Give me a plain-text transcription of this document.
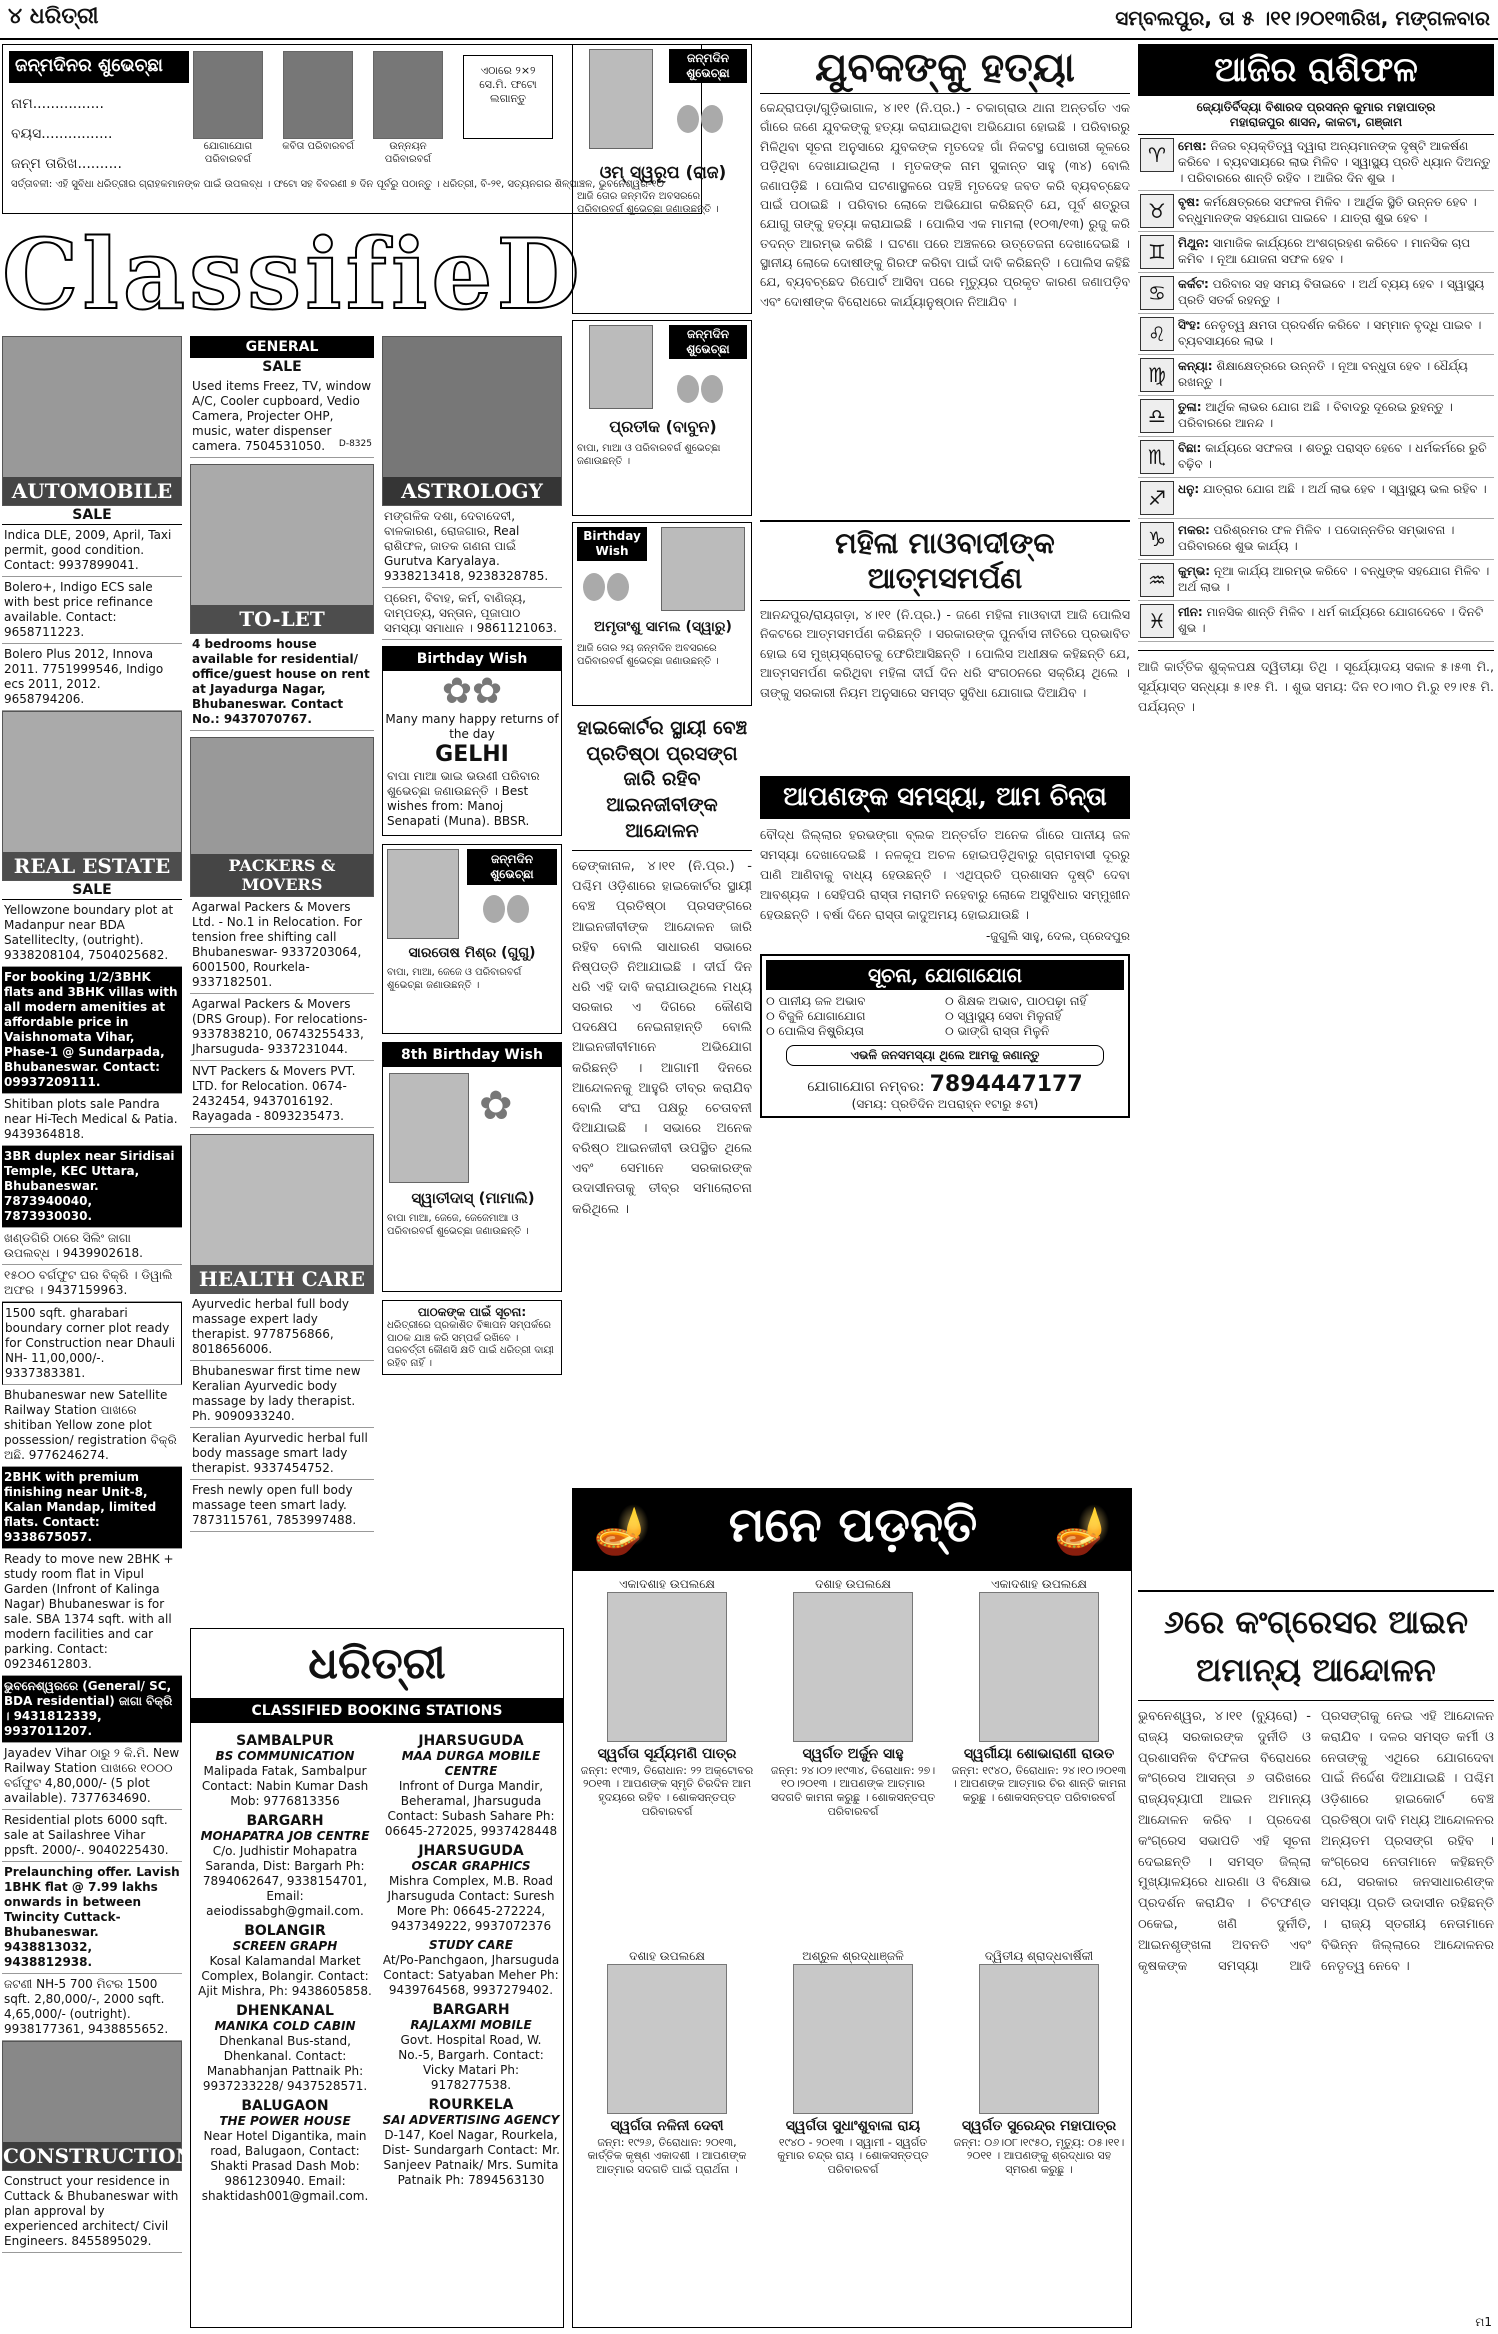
୪ ଧରିତ୍ରୀ	ସମ୍ବଲପୁର, ତା ୫ ।୧୧।୨୦୧୩ରିଖ, ମଙ୍ଗଳବାର
ଜନ୍ମଦିନର ଶୁଭେଚ୍ଛା
ନାମ................
ବୟସ................
ଜନ୍ମ ତାରିଖ..........
ଯୋଗାଯୋଗ ପରିବାରବର୍ଗ
କବିତା ପରିବାରବର୍ଗ	ଉନ୍ନୟନ ପରିବାରବର୍ଗ
ଏଠାରେ ୨×୨ ସେ.ମି. ଫଟୋ ଲଗାନ୍ତୁ
ସର୍ତ୍ତାବଳୀ: ଏହି ସୁବିଧା ଧରିତ୍ରୀର ଗ୍ରାହକମାନଙ୍କ ପାଇଁ ଉପଲବ୍ଧ । ଫଟୋ ସହ ବିବରଣୀ ୭ ଦିନ ପୂର୍ବରୁ ପଠାନ୍ତୁ । ଧରିତ୍ରୀ, ବି-୨୧, ସତ୍ୟନଗର ଶିଳ୍ପାଞ୍ଚଳ, ଭୁବନେଶ୍ୱର-୧୦
ClassifieD
AUTOMOBILE
SALE
Indica DLE, 2009, April, Taxi permit, good condition. Contact: 9937899041.
Bolero+, Indigo ECS sale with best price refinance available. Contact: 9658711223.
Bolero Plus 2012, Innova 2011. 7751999546, Indigo ecs 2011, 2012. 9658794206.
REAL ESTATE
SALE
Yellowzone boundary plot at Madanpur near BDA Satelliteclty, (outright). 9338208104, 7504025682.
For booking 1/2/3BHK flats and 3BHK villas with all modern amenities at affordable price in Vaishnomata Vihar, Phase-1 @ Sundarpada, Bhubaneswar. Contact: 09937209111.
Shitiban plots sale Pandra near Hi-Tech Medical & Patia. 9439364818.
3BR duplex near Siridisai Temple, KEC Uttara, Bhubaneswar. 7873940040, 7873930030.
ଖଣ୍ଡଗିରି ଠାରେ ସିଲିଂ ଜାଗା ଉପଲବ୍ଧ । 9439902618.
୧୫୦୦ ବର୍ଗଫୁଟ ଘର ବିକ୍ରି । ଡିୱାଲି ଅଫର । 9437159963.
1500 sqft. gharabari boundary corner plot ready for Construction near Dhauli NH- 11,00,000/-. 9337383381.
Bhubaneswar new Satellite Railway Station ପାଖରେ shitiban Yellow zone plot possession/ registration ବିକ୍ରି ଅଛି. 9776246274.
2BHK with premium finishing near Unit-8, Kalan Mandap, limited flats. Contact: 9338675057.
Ready to move new 2BHK + study room flat in Vipul Garden (Infront of Kalinga Nagar) Bhubaneswar is for sale. SBA 1374 sqft. with all modern facilities and car parking. Contact: 09234612803.
ଭୁବନେଶ୍ୱରରେ (General/ SC, BDA residential) ଜାଗା ବିକ୍ରି । 9431812339, 9937011207.
Jayadev Vihar ଠାରୁ ୨ କି.ମି. New Railway Station ପାଖରେ ୧୦୦୦ ବର୍ଗଫୁଟ 4,80,000/- (5 plot available). 7377634690.
Residential plots 6000 sqft. sale at Sailashree Vihar ppsft. 2000/-. 9040225430.
Prelaunching offer. Lavish 1BHK flat @ 7.99 lakhs onwards in between Twincity Cuttack- Bhubaneswar. 9438813032, 9438812938.
ଜଟଣୀ NH-5 700 ମିଟର 1500 sqft. 2,80,000/-, 2000 sqft. 4,65,000/- (outright). 9938177361, 9438855652.
CONSTRUCTION
Construct your residence in Cuttack & Bhubaneswar with plan approval by experienced architect/ Civil Engineers. 8455895029.
GENERAL
SALE
Used items Freez, TV, window A/C, Cooler cupboard, Vedio Camera, Projecter OHP, music, water dispenser camera. 7504531050. D-8325
TO-LET
4 bedrooms house available for residential/ office/guest house on rent at Jayadurga Nagar, Bhubaneswar. Contact No.: 9437070767.
PACKERS & MOVERS
Agarwal Packers & Movers Ltd. - No.1 in Relocation. For tension free shifting call Bhubaneswar- 9337203064, 6001500, Rourkela- 9337182501.
Agarwal Packers & Movers (DRS Group). For relocations- 9337838210, 06743255433, Jharsuguda- 9337231044.
NVT Packers & Movers PVT. LTD. for Relocation. 0674-2432454, 9437016192. Rayagada - 8093235473.
HEALTH CARE
Ayurvedic herbal full body massage expert lady therapist. 9778756866, 8018656006.
Bhubaneswar first time new Keralian Ayurvedic body massage by lady therapist. Ph. 9090933240.
Keralian Ayurvedic herbal full body massage smart lady therapist. 9337454752.
Fresh newly open full body massage teen smart lady. 7873115761, 7853997488.
ASTROLOGY
ମଙ୍ଗଳିକ ଦଶା, ଦେବାଦେବୀ, ବାଳକାରଣ, ରୋଜଗାର, Real ରାଶିଫଳ, ଜାତକ ଗଣନା ପାଇଁ Gurutva Karyalaya. 9338213418, 9238328785.
ପ୍ରେମ, ବିବାହ, କର୍ମ, ବାଣିଜ୍ୟ, ଦାମ୍ପତ୍ୟ, ସନ୍ତାନ, ପୂଜାପାଠ ସମସ୍ୟା ସମାଧାନ । 9861121063.
Birthday Wish
✿✿
Many many happy returns of the day
GELHI
ବାପା ମାଆ ଭାଇ ଭଉଣୀ ପରିବାର ଶୁଭେଚ୍ଛା ଜଣାଉଛନ୍ତି । Best wishes from: Manoj Senapati (Muna). BBSR.
ଜନ୍ମଦିନ ଶୁଭେଚ୍ଛା
ସାରତୋଷ ମିଶ୍ର (ଗୁଗୁ)
ବାପା, ମାଆ, ଜେଜେ ଓ ପରିବାରବର୍ଗ ଶୁଭେଚ୍ଛା ଜଣାଉଛନ୍ତି ।
8th Birthday Wish
✿
ସ୍ୱାତୀଦାସ୍ (ମାମାଲି)
ବାପା ମାଆ, ଜେଜେ, ଜେଜେମାଆ ଓ ପରିବାରବର୍ଗ ଶୁଭେଚ୍ଛା ଜଣାଉଛନ୍ତି ।
ପାଠକଙ୍କ ପାଇଁ ସୂଚନା:
ଧରିତ୍ରୀରେ ପ୍ରକାଶିତ ବିଜ୍ଞାପନ ସମ୍ପର୍କରେ ପାଠକ ଯାଞ୍ଚ କରି ସମ୍ପର୍କ ରଖିବେ । ପରବର୍ତ୍ତୀ କୌଣସି କ୍ଷତି ପାଇଁ ଧରିତ୍ରୀ ଦାୟୀ ରହିବ ନାହିଁ ।
ଧରିତ୍ରୀ
CLASSIFIED BOOKING STATIONS
SAMBALPUR
BS COMMUNICATION
Malipada Fatak, Sambalpur Contact: Nabin Kumar Dash Mob: 9776813356
BARGARH
MOHAPATRA JOB CENTRE
C/o. Judhistir Mohapatra Saranda, Dist: Bargarh Ph: 7894062647, 9338154701, Email: aeiodissabgh@gmail.com.
BOLANGIR
SCREEN GRAPH
Kosal Kalamandal Market Complex, Bolangir. Contact: Ajit Mishra, Ph: 9438605858.
DHENKANAL
MANIKA COLD CABIN
Dhenkanal Bus-stand, Dhenkanal. Contact: Manabhanjan Pattnaik Ph: 9937233228/ 9437528571.
BALUGAON
THE POWER HOUSE
Near Hotel Digantika, main road, Balugaon, Contact: Shakti Prasad Dash Mob: 9861230940. Email: shaktidash001@gmail.com.
JHARSUGUDA
MAA DURGA MOBILE CENTRE
Infront of Durga Mandir, Beheramal, Jharsuguda Contact: Subash Sahare Ph: 06645-272025, 9937428448
JHARSUGUDA
OSCAR GRAPHICS
Mishra Complex, M.B. Road Jharsuguda Contact: Suresh More Ph: 06645-272224, 9437349222, 9937072376
STUDY CARE
At/Po-Panchgaon, Jharsuguda Contact: Satyaban Meher Ph: 9439764568, 9937279402.
BARGARH
RAJLAXMI MOBILE
Govt. Hospital Road, W. No.-5, Bargarh. Contact: Vicky Matari Ph: 9178277538.
ROURKELA
SAI ADVERTISING AGENCY
D-147, Koel Nagar, Rourkela, Dist- Sundargarh Contact: Mr. Sanjeev Patnaik/ Mrs. Sumita Patnaik Ph: 7894563130
ଜନ୍ମଦିନ ଶୁଭେଚ୍ଛା
ଓମ୍ ସ୍ୱରୂପ (ରାଜ)
ଆଜି ତୋର ଜନ୍ମଦିନ ଅବସରରେ ପରିବାରବର୍ଗ ଶୁଭେଚ୍ଛା ଜଣାଉଛନ୍ତି ।
ଜନ୍ମଦିନ ଶୁଭେଚ୍ଛା
ପ୍ରତୀକ (ବାବୁନ)
ବାପା, ମାଆ ଓ ପରିବାରବର୍ଗ ଶୁଭେଚ୍ଛା ଜଣାଉଛନ୍ତି ।
Birthday Wish
ଅମୃତାଂଶୁ ସାମଲ (ସ୍ୱାରୁ)
ଆଜି ତୋର ୨ୟ ଜନ୍ମଦିନ ଅବସରରେ ପରିବାରବର୍ଗ ଶୁଭେଚ୍ଛା ଜଣାଉଛନ୍ତି ।
ହାଇକୋର୍ଟର ସ୍ଥାୟୀ ବେଞ୍ଚ ପ୍ରତିଷ୍ଠା ପ୍ରସଙ୍ଗ ଜାରି ରହିବ ଆଇନଜୀବୀଙ୍କ ଆନ୍ଦୋଳନ
ଢେଙ୍କାନାଳ, ୪।୧୧ (ନି.ପ୍ର.) - ପଶ୍ଚିମ ଓଡ଼ିଶାରେ ହାଇକୋର୍ଟର ସ୍ଥାୟୀ ବେଞ୍ଚ ପ୍ରତିଷ୍ଠା ପ୍ରସଙ୍ଗରେ ଆଇନଜୀବୀଙ୍କ ଆନ୍ଦୋଳନ ଜାରି ରହିବ ବୋଲି ସାଧାରଣ ସଭାରେ ନିଷ୍ପତ୍ତି ନିଆଯାଇଛି । ଦୀର୍ଘ ଦିନ ଧରି ଏହି ଦାବି କରାଯାଉଥିଲେ ମଧ୍ୟ ସରକାର ଏ ଦିଗରେ କୌଣସି ପଦକ୍ଷେପ ନେଇନାହାନ୍ତି ବୋଲି ଆଇନଜୀବୀମାନେ ଅଭିଯୋଗ କରିଛନ୍ତି । ଆଗାମୀ ଦିନରେ ଆନ୍ଦୋଳନକୁ ଆହୁରି ତୀବ୍ର କରାଯିବ ବୋଲି ସଂଘ ପକ୍ଷରୁ ଚେତାବନୀ ଦିଆଯାଇଛି । ସଭାରେ ଅନେକ ବରିଷ୍ଠ ଆଇନଜୀବୀ ଉପସ୍ଥିତ ଥିଲେ ଏବଂ ସେମାନେ ସରକାରଙ୍କ ଉଦାସୀନତାକୁ ତୀବ୍ର ସମାଲୋଚନା କରିଥିଲେ ।
ଯୁବକଙ୍କୁ ହତ୍ୟା
କେନ୍ଦ୍ରାପଡ଼ା/ଗୁଡ଼ିଭାଗାଳ, ୪।୧୧ (ନି.ପ୍ର.) - ଚକାଗ୍ରାଉ ଥାନା ଅନ୍ତର୍ଗତ ଏକ ଗାଁରେ ଜଣେ ଯୁବକଙ୍କୁ ହତ୍ୟା କରାଯାଇଥିବା ଅଭିଯୋଗ ହୋଇଛି । ପରିବାରରୁ ମିଳିଥିବା ସୂଚନା ଅନୁସାରେ ଯୁବକଙ୍କ ମୃତଦେହ ଗାଁ ନିକଟସ୍ଥ ପୋଖରୀ କୂଳରେ ପଡ଼ିଥିବା ଦେଖାଯାଇଥିଲା । ମୃତକଙ୍କ ନାମ ସୁକାନ୍ତ ସାହୁ (୩୪) ବୋଲି ଜଣାପଡ଼ିଛି । ପୋଲିସ ଘଟଣାସ୍ଥଳରେ ପହଞ୍ଚି ମୃତଦେହ ଜବତ କରି ବ୍ୟବଚ୍ଛେଦ ପାଇଁ ପଠାଇଛି । ପରିବାର ଲୋକେ ଅଭିଯୋଗ କରିଛନ୍ତି ଯେ, ପୂର୍ବ ଶତ୍ରୁତା ଯୋଗୁ ତାଙ୍କୁ ହତ୍ୟା କରାଯାଇଛି । ପୋଲିସ ଏକ ମାମଲା (୧୦୩/୧୩) ରୁଜୁ କରି ତଦନ୍ତ ଆରମ୍ଭ କରିଛି । ଘଟଣା ପରେ ଅଞ୍ଚଳରେ ଉତ୍ତେଜନା ଦେଖାଦେଇଛି । ସ୍ଥାନୀୟ ଲୋକେ ଦୋଷୀଙ୍କୁ ଗିରଫ କରିବା ପାଇଁ ଦାବି କରିଛନ୍ତି । ପୋଲିସ କହିଛି ଯେ, ବ୍ୟବଚ୍ଛେଦ ରିପୋର୍ଟ ଆସିବା ପରେ ମୃତ୍ୟୁର ପ୍ରକୃତ କାରଣ ଜଣାପଡ଼ିବ ଏବଂ ଦୋଷୀଙ୍କ ବିରୋଧରେ କାର୍ଯ୍ୟାନୁଷ୍ଠାନ ନିଆଯିବ ।
ମହିଳା ମାଓବାଦୀଙ୍କ ଆତ୍ମସମର୍ପଣ
ଆନନ୍ଦପୁର/ରାୟଗଡ଼ା, ୪।୧୧ (ନି.ପ୍ର.) - ଜଣେ ମହିଳା ମାଓବାଦୀ ଆଜି ପୋଲିସ ନିକଟରେ ଆତ୍ମସମର୍ପଣ କରିଛନ୍ତି । ସରକାରଙ୍କ ପୁନର୍ବାସ ନୀତିରେ ପ୍ରଭାବିତ ହୋଇ ସେ ମୁଖ୍ୟସ୍ରୋତକୁ ଫେରିଆସିଛନ୍ତି । ପୋଲିସ ଅଧୀକ୍ଷକ କହିଛନ୍ତି ଯେ, ଆତ୍ମସମର୍ପଣ କରିଥିବା ମହିଳା ଦୀର୍ଘ ଦିନ ଧରି ସଂଗଠନରେ ସକ୍ରିୟ ଥିଲେ । ତାଙ୍କୁ ସରକାରୀ ନିୟମ ଅନୁସାରେ ସମସ୍ତ ସୁବିଧା ଯୋଗାଇ ଦିଆଯିବ ।
ଆପଣଙ୍କ ସମସ୍ୟା, ଆମ ଚିନ୍ତା
ବୌଦ୍ଧ ଜିଲ୍ଲାର ହରଭଙ୍ଗା ବ୍ଲକ ଅନ୍ତର୍ଗତ ଅନେକ ଗାଁରେ ପାନୀୟ ଜଳ ସମସ୍ୟା ଦେଖାଦେଇଛି । ନଳକୂପ ଅଚଳ ହୋଇପଡ଼ିଥିବାରୁ ଗ୍ରାମବାସୀ ଦୂରରୁ ପାଣି ଆଣିବାକୁ ବାଧ୍ୟ ହେଉଛନ୍ତି । ଏଥିପ୍ରତି ପ୍ରଶାସନ ଦୃଷ୍ଟି ଦେବା ଆବଶ୍ୟକ । ସେହିପରି ରାସ୍ତା ମରାମତି ନହେବାରୁ ଲୋକେ ଅସୁବିଧାର ସମ୍ମୁଖୀନ ହେଉଛନ୍ତି । ବର୍ଷା ଦିନେ ରାସ୍ତା କାଦୁଅମୟ ହୋଇଯାଉଛି ।
-ଜୁଗୁଲି ସାହୁ, ଦେଲ, ପ୍ରେଦପୁର
ସୂଚନା, ଯୋଗାଯୋଗ
୦ ପାନୀୟ ଜଳ ଅଭାବ	୦ ଶିକ୍ଷକ ଅଭାବ, ପାଠପଢ଼ା ନାହିଁ
୦ ବିଜୁଳି ଯୋଗାଯୋଗ	୦ ସ୍ୱାସ୍ଥ୍ୟ ସେବା ମିଳୁନାହିଁ
୦ ପୋଲିସ ନିଷ୍କ୍ରିୟତା	୦ ଭାଙ୍ଗି ରାସ୍ତା ମିଳୁନି
ଏଭଳି ଜନସମସ୍ୟା ଥିଲେ ଆମକୁ ଜଣାନ୍ତୁ
ଯୋଗାଯୋଗ ନମ୍ବର: 7894447177
(ସମୟ: ପ୍ରତିଦିନ ଅପରାହ୍ନ ୧ଟାରୁ ୫ଟା)
🪔	ମନେ ପଡ଼ନ୍ତି	🪔
ଏକାଦଶାହ ଉପଲକ୍ଷେ
ସ୍ୱର୍ଗତା ସୂର୍ଯ୍ୟମଣି ପାତ୍ର
ଜନ୍ମ: ୧୯୩୨, ତିରୋଧାନ: ୨୨ ଅକ୍ଟୋବର ୨୦୧୩ । ଆପଣଙ୍କ ସ୍ମୃତି ଚିରଦିନ ଆମ ହୃଦୟରେ ରହିବ । ଶୋକସନ୍ତପ୍ତ ପରିବାରବର୍ଗ
ଦଶାହ ଉପଲକ୍ଷେ
ସ୍ୱର୍ଗତ ଅର୍ଜୁନ ସାହୁ
ଜନ୍ମ: ୨୪।୦୨।୧୯୩୪, ତିରୋଧାନ: ୨୭।୧୦।୨୦୧୩ । ଆପଣଙ୍କ ଆତ୍ମାର ସଦଗତି କାମନା କରୁଛୁ । ଶୋକସନ୍ତପ୍ତ ପରିବାରବର୍ଗ
ଏକାଦଶାହ ଉପଲକ୍ଷେ
ସ୍ୱର୍ଗୀୟା ଶୋଭାରାଣୀ ରାଉତ
ଜନ୍ମ: ୧୯୪୦, ତିରୋଧାନ: ୨୪।୧୦।୨୦୧୩ । ଆପଣଙ୍କ ଆତ୍ମାର ଚିର ଶାନ୍ତି କାମନା କରୁଛୁ । ଶୋକସନ୍ତପ୍ତ ପରିବାରବର୍ଗ
ଦଶାହ ଉପଲକ୍ଷେ
ସ୍ୱର୍ଗତା ନଳିନୀ ଦେବୀ
ଜନ୍ମ: ୧୯୨୬, ତିରୋଧାନ: ୨୦୧୩, କାର୍ତ୍ତିକ କୃଷ୍ଣ ଏକାଦଶୀ । ଆପଣଙ୍କ ଆତ୍ମାର ସଦଗତି ପାଇଁ ପ୍ରାର୍ଥନା ।
ଅଶ୍ରୁଳ ଶ୍ରଦ୍ଧାଞ୍ଜଳି
ସ୍ୱର୍ଗତା ସୁଧାଂଶୁବାଳା ରାୟ
୧୯୪୦ - ୨୦୧୩ । ସ୍ୱାମୀ - ସ୍ୱର୍ଗତ କୁମାର ଚନ୍ଦ୍ର ରାୟ । ଶୋକସନ୍ତପ୍ତ ପରିବାରବର୍ଗ
ଦ୍ୱିତୀୟ ଶ୍ରାଦ୍ଧବାର୍ଷିକୀ
ସ୍ୱର୍ଗତ ସୁରେନ୍ଦ୍ର ମହାପାତ୍ର
ଜନ୍ମ: ୦୬।୦୮।୧୯୫୦, ମୃତ୍ୟୁ: ୦୫।୧୧।୨୦୧୧ । ଆପଣଙ୍କୁ ଶ୍ରଦ୍ଧାର ସହ ସ୍ମରଣ କରୁଛୁ ।
ଆଜିର ରାଶିଫଳ
ଜ୍ୟୋତିର୍ବିଦ୍ୟା ବିଶାରଦ ପ୍ରସନ୍ନ କୁମାର ମହାପାତ୍ର
ମହାରାଜପୁର ଶାସନ, କାକଟା, ଗଞ୍ଜାମ
♈	ମେଷ: ନିଜର ବ୍ୟକ୍ତିତ୍ୱ ଦ୍ୱାରା ଅନ୍ୟମାନଙ୍କ ଦୃଷ୍ଟି ଆକର୍ଷଣ କରିବେ । ବ୍ୟବସାୟରେ ଲାଭ ମିଳିବ । ସ୍ୱାସ୍ଥ୍ୟ ପ୍ରତି ଧ୍ୟାନ ଦିଅନ୍ତୁ । ପରିବାରରେ ଶାନ୍ତି ରହିବ । ଆଜିର ଦିନ ଶୁଭ ।
♉	ବୃଷ: କର୍ମକ୍ଷେତ୍ରରେ ସଫଳତା ମିଳିବ । ଆର୍ଥିକ ସ୍ଥିତି ଉନ୍ନତ ହେବ । ବନ୍ଧୁମାନଙ୍କ ସହଯୋଗ ପାଇବେ । ଯାତ୍ରା ଶୁଭ ହେବ ।
♊	ମିଥୁନ: ସାମାଜିକ କାର୍ଯ୍ୟରେ ଅଂଶଗ୍ରହଣ କରିବେ । ମାନସିକ ଚାପ କମିବ । ନୂଆ ଯୋଜନା ସଫଳ ହେବ ।
♋	କର୍କଟ: ପରିବାର ସହ ସମୟ ବିତାଇବେ । ଅର୍ଥ ବ୍ୟୟ ହେବ । ସ୍ୱାସ୍ଥ୍ୟ ପ୍ରତି ସତର୍କ ରହନ୍ତୁ ।
♌	ସିଂହ: ନେତୃତ୍ୱ କ୍ଷମତା ପ୍ରଦର୍ଶନ କରିବେ । ସମ୍ମାନ ବୃଦ୍ଧି ପାଇବ । ବ୍ୟବସାୟରେ ଲାଭ ।
♍	କନ୍ୟା: ଶିକ୍ଷାକ୍ଷେତ୍ରରେ ଉନ୍ନତି । ନୂଆ ବନ୍ଧୁତା ହେବ । ଧୈର୍ଯ୍ୟ ରଖନ୍ତୁ ।
♎	ତୁଳା: ଆର୍ଥିକ ଲାଭର ଯୋଗ ଅଛି । ବିବାଦରୁ ଦୂରେଇ ରୁହନ୍ତୁ । ପରିବାରରେ ଆନନ୍ଦ ।
♏	ବିଛା: କାର୍ଯ୍ୟରେ ସଫଳତା । ଶତ୍ରୁ ପରାସ୍ତ ହେବେ । ଧର୍ମକର୍ମରେ ରୁଚି ବଢ଼ିବ ।
♐	ଧନୁ: ଯାତ୍ରାର ଯୋଗ ଅଛି । ଅର୍ଥ ଲାଭ ହେବ । ସ୍ୱାସ୍ଥ୍ୟ ଭଲ ରହିବ ।
♑	ମକର: ପରିଶ୍ରମର ଫଳ ମିଳିବ । ପଦୋନ୍ନତିର ସମ୍ଭାବନା । ପରିବାରରେ ଶୁଭ କାର୍ଯ୍ୟ ।
♒	କୁମ୍ଭ: ନୂଆ କାର୍ଯ୍ୟ ଆରମ୍ଭ କରିବେ । ବନ୍ଧୁଙ୍କ ସହଯୋଗ ମିଳିବ । ଅର୍ଥ ଲାଭ ।
♓	ମୀନ: ମାନସିକ ଶାନ୍ତି ମିଳିବ । ଧର୍ମ କାର୍ଯ୍ୟରେ ଯୋଗଦେବେ । ଦିନଟି ଶୁଭ ।
ଆଜି କାର୍ତ୍ତିକ ଶୁକ୍ଳପକ୍ଷ ଦ୍ୱିତୀୟା ତିଥି । ସୂର୍ଯ୍ୟୋଦୟ ସକାଳ ୫।୫୩ ମି., ସୂର୍ଯ୍ୟାସ୍ତ ସନ୍ଧ୍ୟା ୫।୧୫ ମି. । ଶୁଭ ସମୟ: ଦିନ ୧୦।୩୦ ମି.ରୁ ୧୨।୧୫ ମି. ପର୍ଯ୍ୟନ୍ତ ।
୬ରେ କଂଗ୍ରେସର ଆଇନ ଅମାନ୍ୟ ଆନ୍ଦୋଳନ
ଭୁବନେଶ୍ୱର, ୪।୧୧ (ବ୍ୟୁରୋ) - ରାଜ୍ୟ ସରକାରଙ୍କ ଦୁର୍ନୀତି ଓ ପ୍ରଶାସନିକ ବିଫଳତା ବିରୋଧରେ କଂଗ୍ରେସ ଆସନ୍ତା ୬ ତାରିଖରେ ରାଜ୍ୟବ୍ୟାପୀ ଆଇନ ଅମାନ୍ୟ ଆନ୍ଦୋଳନ କରିବ । ପ୍ରଦେଶ କଂଗ୍ରେସ ସଭାପତି ଏହି ସୂଚନା ଦେଇଛନ୍ତି । ସମସ୍ତ ଜିଲ୍ଲା ମୁଖ୍ୟାଳୟରେ ଧାରଣା ଓ ବିକ୍ଷୋଭ ପ୍ରଦର୍ଶନ କରାଯିବ । ଚିଟଫଣ୍ଡ ଠକେଇ, ଖଣି ଦୁର୍ନୀତି, ଆଇନଶୃଙ୍ଖଳା ଅବନତି ଏବଂ କୃଷକଙ୍କ ସମସ୍ୟା ଆଦି ପ୍ରସଙ୍ଗକୁ ନେଇ ଏହି ଆନ୍ଦୋଳନ କରାଯିବ । ଦଳର ସମସ୍ତ କର୍ମୀ ଓ ନେତାଙ୍କୁ ଏଥିରେ ଯୋଗଦେବା ପାଇଁ ନିର୍ଦ୍ଦେଶ ଦିଆଯାଇଛି । ପଶ୍ଚିମ ଓଡ଼ିଶାରେ ହାଇକୋର୍ଟ ବେଞ୍ଚ ପ୍ରତିଷ୍ଠା ଦାବି ମଧ୍ୟ ଆନ୍ଦୋଳନର ଅନ୍ୟତମ ପ୍ରସଙ୍ଗ ରହିବ । କଂଗ୍ରେସ ନେତାମାନେ କହିଛନ୍ତି ଯେ, ସରକାର ଜନସାଧାରଣଙ୍କ ସମସ୍ୟା ପ୍ରତି ଉଦାସୀନ ରହିଛନ୍ତି । ରାଜ୍ୟ ସ୍ତରୀୟ ନେତାମାନେ ବିଭିନ୍ନ ଜିଲ୍ଲାରେ ଆନ୍ଦୋଳନର ନେତୃତ୍ୱ ନେବେ ।
ମ1
